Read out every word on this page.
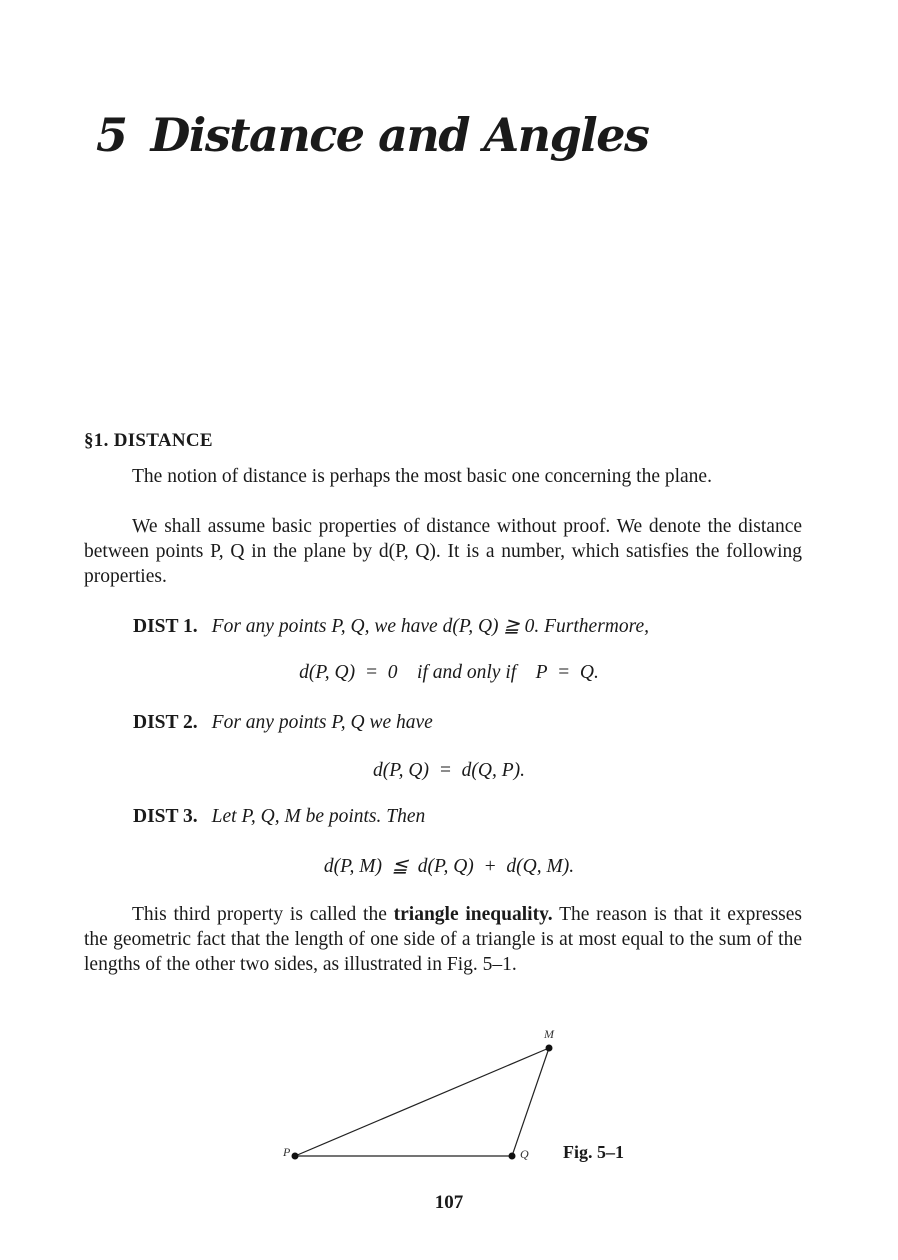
5 Distance and Angles
§1. DISTANCE

The notion of distance is perhaps the most basic one concerning the plane.

We shall assume basic properties of distance without proof. We denote the distance between points P, Q in the plane by d(P, Q). It is a number, which satisfies the following properties.

DIST 1. For any points P, Q, we have d(P, Q) ≧ 0. Furthermore,

d(P, Q)  =  0    if and only if    P  =  Q.

DIST 2. For any points P, Q we have

d(P, Q)  =  d(Q, P).

DIST 3. Let P, Q, M be points. Then

d(P, M)  ≦  d(P, Q)  +  d(Q, M).

This third property is called the triangle inequality. The reason is that it expresses the geometric fact that the length of one side of a triangle is at most equal to the sum of the lengths of the other two sides, as illustrated in Fig. 5–1.

P	Q
M

Fig. 5–1

107
